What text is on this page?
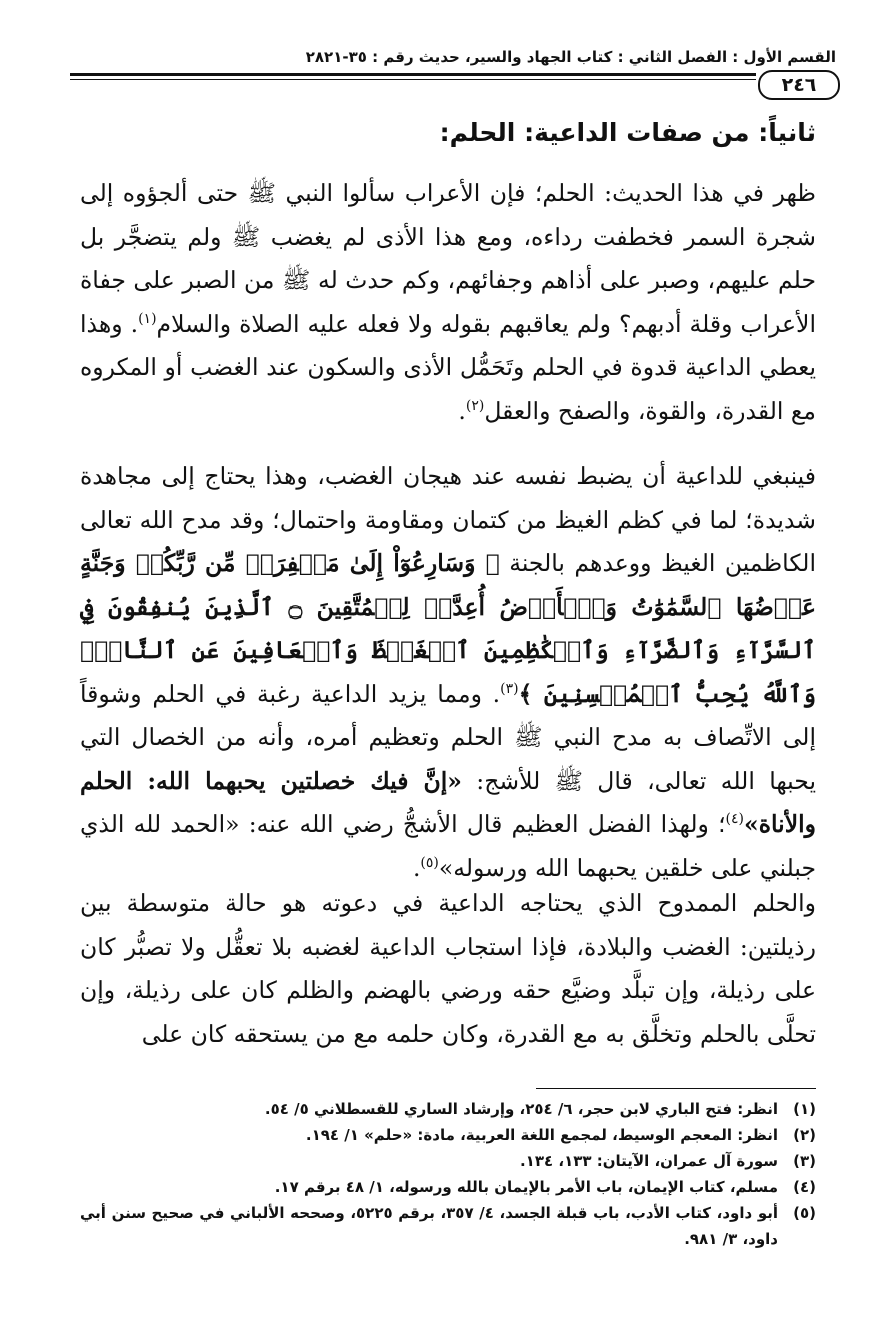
القسم الأول : الفصل الثاني : كتاب الجهاد والسير، حديث رقم : ٣٥-٢٨٢١
٢٤٦
ثانياً: من صفات الداعية: الحلم:

ظهر في هذا الحديث: الحلم؛ فإن الأعراب سألوا النبي ﷺ حتى ألجؤوه إلى شجرة السمر فخطفت رداءه، ومع هذا الأذى لم يغضب ﷺ ولم يتضجَّر بل حلم عليهم، وصبر على أذاهم وجفائهم، وكم حدث له ﷺ من الصبر على جفاة الأعراب وقلة أدبهم؟ ولم يعاقبهم بقوله ولا فعله عليه الصلاة والسلام$^{(١)}$. وهذا يعطي الداعية قدوة في الحلم وتَحَمُّل الأذى والسكون عند الغضب أو المكروه مع القدرة، والقوة، والصفح والعقل$^{(٢)}$.

فينبغي للداعية أن يضبط نفسه عند هيجان الغضب، وهذا يحتاج إلى مجاهدة شديدة؛ لما في كظم الغيظ من كتمان ومقاومة واحتمال؛ وقد مدح الله تعالى الكاظمين الغيظ ووعدهم بالجنة ﴿ وَسَارِعُوٓاْ إِلَىٰ مَغۡفِرَةٖ مِّن رَّبِّكُمۡ وَجَنَّةٍ عَرۡضُهَا ٱلسَّمَٰوَٰتُ وَٱلۡأَرۡضُ أُعِدَّتۡ لِلۡمُتَّقِينَ ۝ ٱلَّذِينَ يُنفِقُونَ فِي ٱلسَّرَّآءِ وَٱلضَّرَّآءِ وَٱلۡكَٰظِمِينَ ٱلۡغَيۡظَ وَٱلۡعَافِينَ عَنِ ٱلنَّاسِۗ وَٱللَّهُ يُحِبُّ ٱلۡمُحۡسِنِينَ ﴾$^{(٣)}$. ومما يزيد الداعية رغبة في الحلم وشوقاً إلى الاتِّصاف به مدح النبي ﷺ الحلم وتعظيم أمره، وأنه من الخصال التي يحبها الله تعالى، قال ﷺ للأشج: «إنَّ فيك خصلتين يحبهما الله: الحلم والأناة»$^{(٤)}$؛ ولهذا الفضل العظيم قال الأشجُّ رضي الله عنه: «الحمد لله الذي جبلني على خلقين يحبهما الله ورسوله»$^{(٥)}$.

والحلم الممدوح الذي يحتاجه الداعية في دعوته هو حالة متوسطة بين رذيلتين: الغضب والبلادة، فإذا استجاب الداعية لغضبه بلا تعقُّل ولا تصبُّر كان على رذيلة، وإن تبلَّد وضيَّع حقه ورضي بالهضم والظلم كان على رذيلة، وإن تحلَّى بالحلم وتخلَّق به مع القدرة، وكان حلمه مع من يستحقه كان على

(١)
انظر: فتح الباري لابن حجر، ٦/ ٢٥٤، وإرشاد الساري للقسطلاني ٥/ ٥٤.
(٢)
انظر: المعجم الوسيط، لمجمع اللغة العربية، مادة: «حلم» ١/ ١٩٤.
(٣)
سورة آل عمران، الآيتان: ١٣٣، ١٣٤.
(٤)
مسلم، كتاب الإيمان، باب الأمر بالإيمان بالله ورسوله، ١/ ٤٨ برقم ١٧.
(٥)
أبو داود، كتاب الأدب، باب قبلة الجسد، ٤/ ٣٥٧، برقم ٥٢٢٥، وصححه الألباني في صحيح سنن أبي داود، ٣/ ٩٨١.
